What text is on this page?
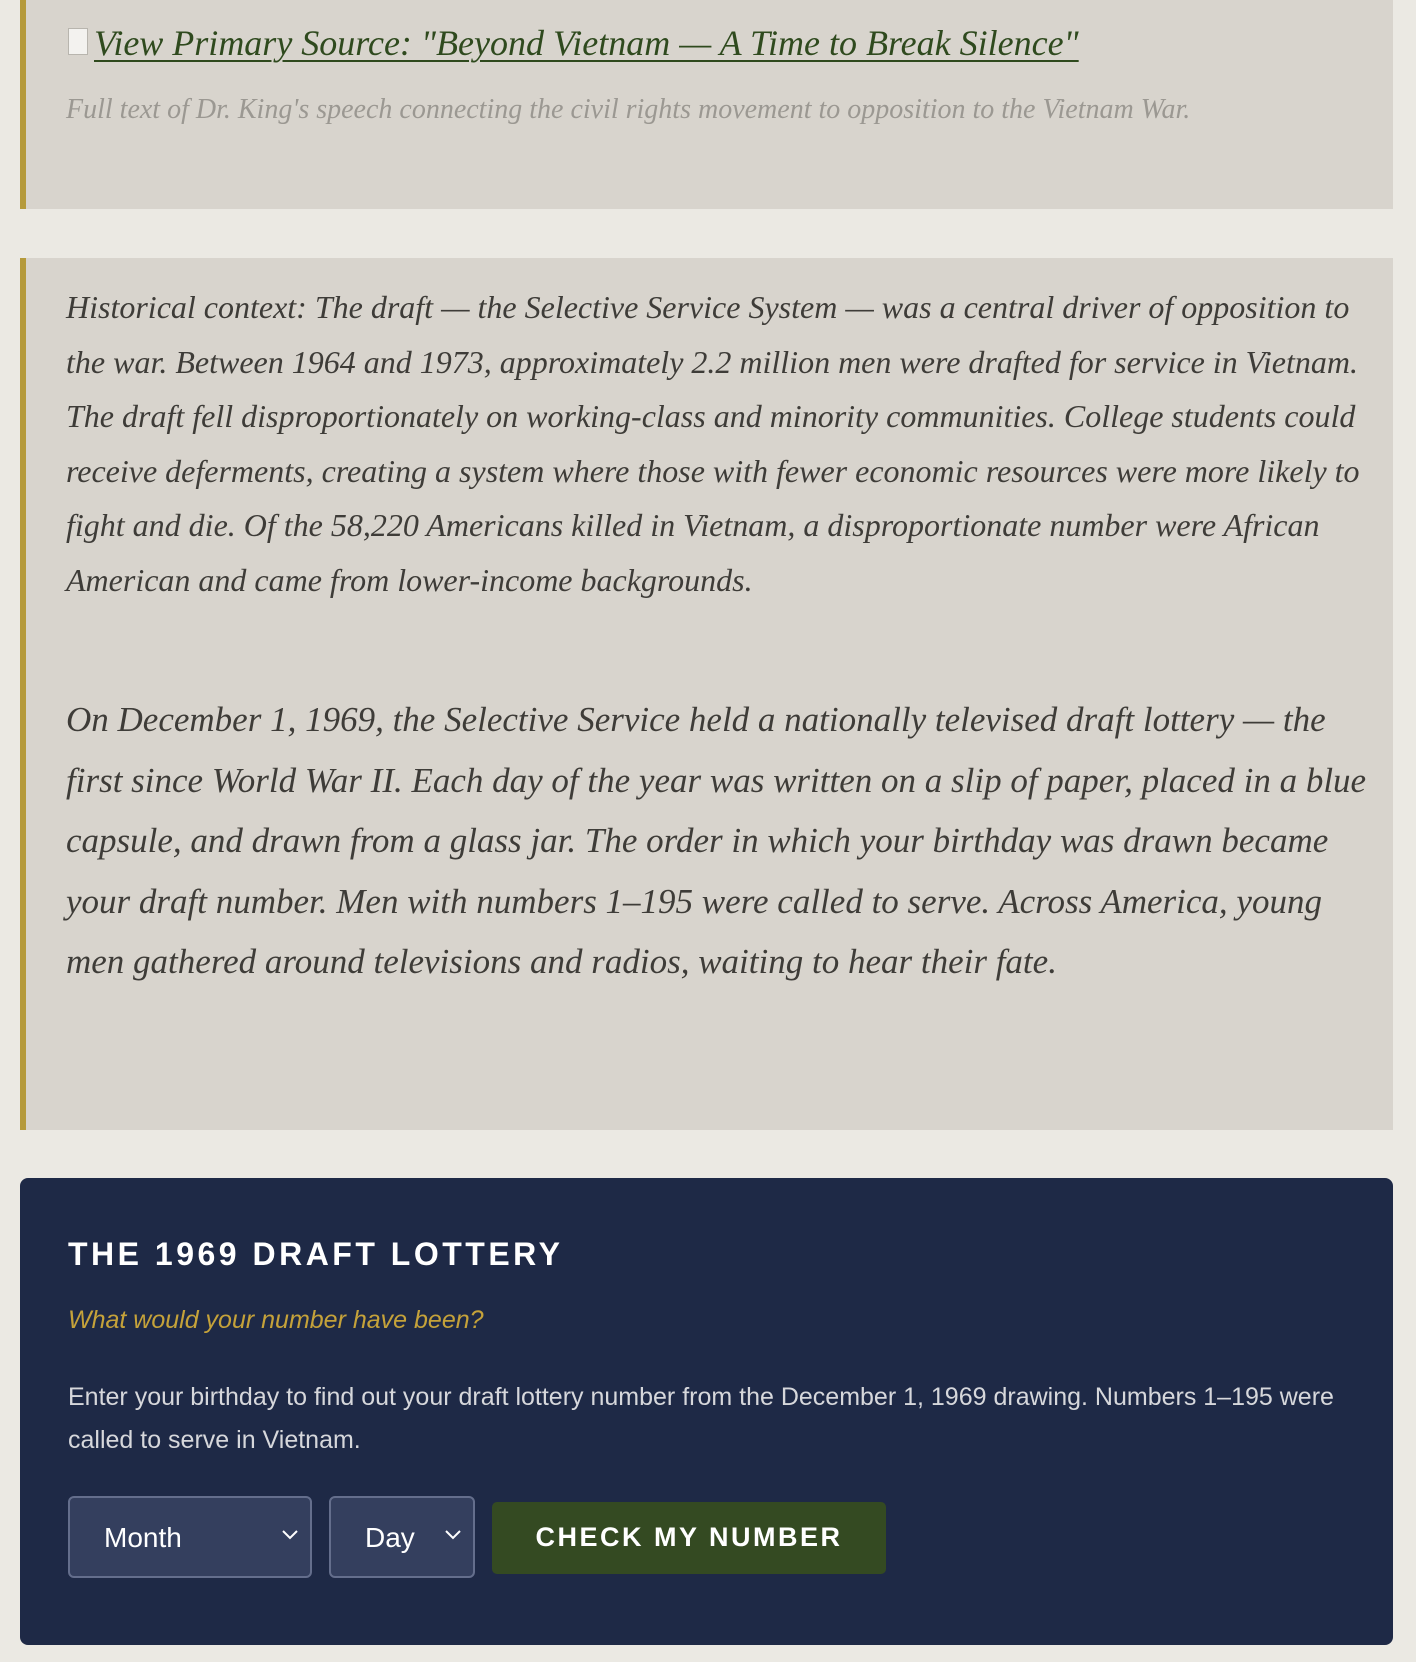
View Primary Source: "Beyond Vietnam — A Time to Break Silence"
Full text of Dr. King's speech connecting the civil rights movement to opposition to the Vietnam War.

Historical context: The draft — the Selective Service System — was a central driver of opposition to the war. Between 1964 and 1973, approximately 2.2 million men were drafted for service in Vietnam. The draft fell disproportionately on working-class and minority communities. College students could receive deferments, creating a system where those with fewer economic resources were more likely to fight and die. Of the 58,220 Americans killed in Vietnam, a disproportionate number were African American and came from lower-income backgrounds.

On December 1, 1969, the Selective Service held a nationally televised draft lottery — the first since World War II. Each day of the year was written on a slip of paper, placed in a blue capsule, and drawn from a glass jar. The order in which your birthday was drawn became your draft number. Men with numbers 1–195 were called to serve. Across America, young men gathered around televisions and radios, waiting to hear their fate.

THE 1969 DRAFT LOTTERY
What would your number have been?

Enter your birthday to find out your draft lottery number from the December 1, 1969 drawing. Numbers 1–195 were called to serve in Vietnam.

Month	Day	CHECK MY NUMBER
